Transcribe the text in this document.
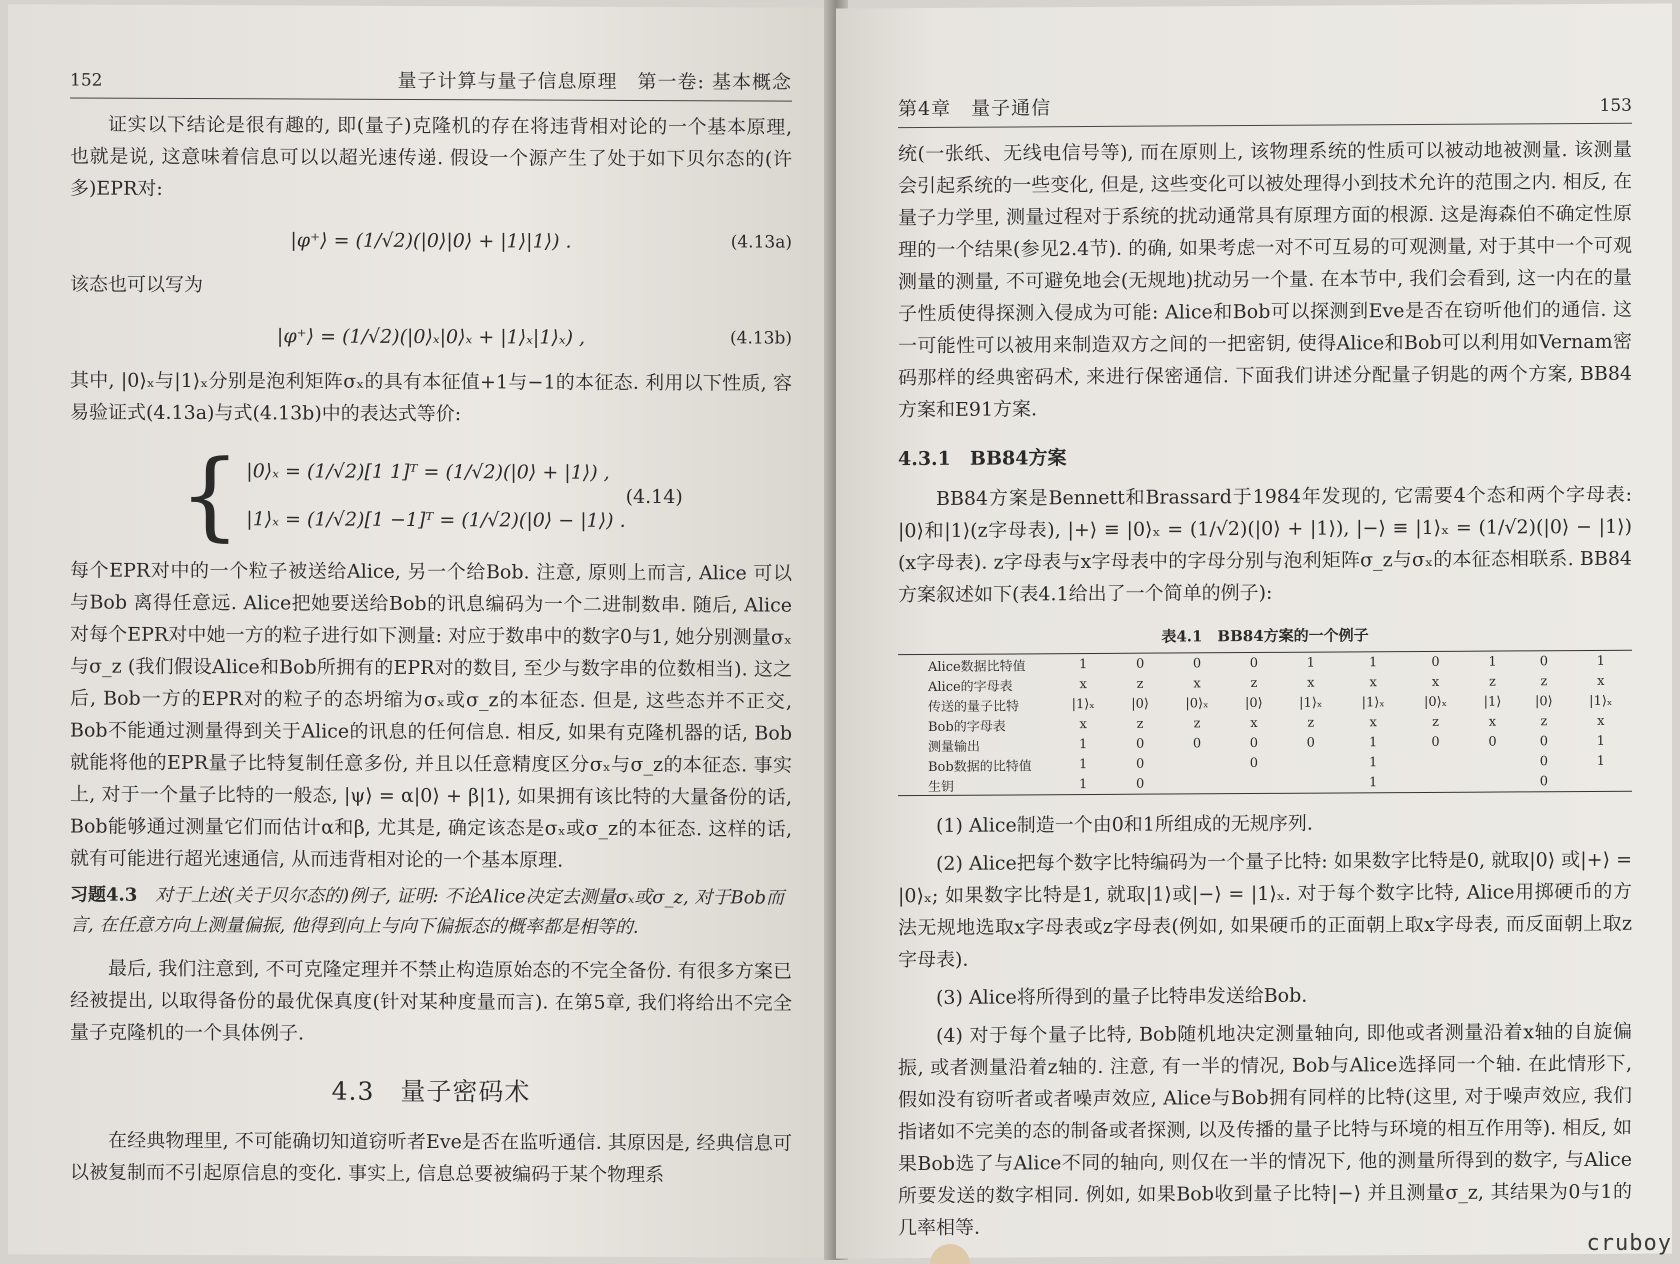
152	量子计算与量子信息原理　第一卷: 基本概念

证实以下结论是很有趣的, 即(量子)克隆机的存在将违背相对论的一个基本原理, 也就是说, 这意味着信息可以以超光速传递. 假设一个源产生了处于如下贝尔态的(许多)EPR对:

|φ⁺⟩ = (1/√2)(|0⟩|0⟩ + |1⟩|1⟩) .	(4.13a)

该态也可以写为

|φ⁺⟩ = (1/√2)(|0⟩ₓ|0⟩ₓ + |1⟩ₓ|1⟩ₓ) ,	(4.13b)

其中, |0⟩ₓ与|1⟩ₓ分别是泡利矩阵σₓ的具有本征值+1与−1的本征态. 利用以下性质, 容易验证式(4.13a)与式(4.13b)中的表达式等价:

{ |0⟩ₓ = (1/√2)[1 1]ᵀ = (1/√2)(|0⟩ + |1⟩) ,
|1⟩ₓ = (1/√2)[1 −1]ᵀ = (1/√2)(|0⟩ − |1⟩) .
(4.14)

每个EPR对中的一个粒子被送给Alice, 另一个给Bob. 注意, 原则上而言, Alice 可以与Bob 离得任意远. Alice把她要送给Bob的讯息编码为一个二进制数串. 随后, Alice对每个EPR对中她一方的粒子进行如下测量: 对应于数串中的数字0与1, 她分别测量σₓ与σ_z (我们假设Alice和Bob所拥有的EPR对的数目, 至少与数字串的位数相当). 这之后, Bob一方的EPR对的粒子的态坍缩为σₓ或σ_z的本征态. 但是, 这些态并不正交, Bob不能通过测量得到关于Alice的讯息的任何信息. 相反, 如果有克隆机器的话, Bob就能将他的EPR量子比特复制任意多份, 并且以任意精度区分σₓ与σ_z的本征态. 事实上, 对于一个量子比特的一般态, |ψ⟩ = α|0⟩ + β|1⟩, 如果拥有该比特的大量备份的话, Bob能够通过测量它们而估计α和β, 尤其是, 确定该态是σₓ或σ_z的本征态. 这样的话, 就有可能进行超光速通信, 从而违背相对论的一个基本原理.

习题4.3 对于上述(关于贝尔态的)例子, 证明: 不论Alice决定去测量σₓ或σ_z, 对于Bob而言, 在任意方向上测量偏振, 他得到向上与向下偏振态的概率都是相等的.

最后, 我们注意到, 不可克隆定理并不禁止构造原始态的不完全备份. 有很多方案已经被提出, 以取得备份的最优保真度(针对某种度量而言). 在第5章, 我们将给出不完全量子克隆机的一个具体例子.

4.3　量子密码术

在经典物理里, 不可能确切知道窃听者Eve是否在监听通信. 其原因是, 经典信息可以被复制而不引起原信息的变化. 事实上, 信息总要被编码于某个物理系

第4章　量子通信	153

统(一张纸、无线电信号等), 而在原则上, 该物理系统的性质可以被动地被测量. 该测量会引起系统的一些变化, 但是, 这些变化可以被处理得小到技术允许的范围之内. 相反, 在量子力学里, 测量过程对于系统的扰动通常具有原理方面的根源. 这是海森伯不确定性原理的一个结果(参见2.4节). 的确, 如果考虑一对不可互易的可观测量, 对于其中一个可观测量的测量, 不可避免地会(无规地)扰动另一个量. 在本节中, 我们会看到, 这一内在的量子性质使得探测入侵成为可能: Alice和Bob可以探测到Eve是否在窃听他们的通信. 这一可能性可以被用来制造双方之间的一把密钥, 使得Alice和Bob可以利用如Vernam密码那样的经典密码术, 来进行保密通信. 下面我们讲述分配量子钥匙的两个方案, BB84方案和E91方案.

4.3.1　BB84方案

BB84方案是Bennett和Brassard于1984年发现的, 它需要4个态和两个字母表: |0⟩和|1⟩(z字母表), |+⟩ ≡ |0⟩ₓ = (1/√2)(|0⟩ + |1⟩), |−⟩ ≡ |1⟩ₓ = (1/√2)(|0⟩ − |1⟩)(x字母表). z字母表与x字母表中的字母分别与泡利矩阵σ_z与σₓ的本征态相联系. BB84方案叙述如下(表4.1给出了一个简单的例子):

表4.1　BB84方案的一个例子
Alice数据比特值	1	0	0	0	1	1	0	1	0	1
Alice的字母表	x	z	x	z	x	x	x	z	z	x
传送的量子比特	|1⟩ₓ	|0⟩	|0⟩ₓ	|0⟩	|1⟩ₓ	|1⟩ₓ	|0⟩ₓ	|1⟩	|0⟩	|1⟩ₓ
Bob的字母表	x	z	z	x	z	x	z	x	z	x
测量输出	1	0	0	0	0	1	0	0	0	1
Bob数据的比特值	1	0		0		1			0	1
生钥	1	0				1			0	

(1) Alice制造一个由0和1所组成的无规序列.

(2) Alice把每个数字比特编码为一个量子比特: 如果数字比特是0, 就取|0⟩ 或|+⟩ = |0⟩ₓ; 如果数字比特是1, 就取|1⟩或|−⟩ = |1⟩ₓ. 对于每个数字比特, Alice用掷硬币的方法无规地选取x字母表或z字母表(例如, 如果硬币的正面朝上取x字母表, 而反面朝上取z字母表).

(3) Alice将所得到的量子比特串发送给Bob.

(4) 对于每个量子比特, Bob随机地决定测量轴向, 即他或者测量沿着x轴的自旋偏振, 或者测量沿着z轴的. 注意, 有一半的情况, Bob与Alice选择同一个轴. 在此情形下, 假如没有窃听者或者噪声效应, Alice与Bob拥有同样的比特(这里, 对于噪声效应, 我们指诸如不完美的态的制备或者探测, 以及传播的量子比特与环境的相互作用等). 相反, 如果Bob选了与Alice不同的轴向, 则仅在一半的情况下, 他的测量所得到的数字, 与Alice所要发送的数字相同. 例如, 如果Bob收到量子比特|−⟩ 并且测量σ_z, 其结果为0与1的几率相等.

cruboy
